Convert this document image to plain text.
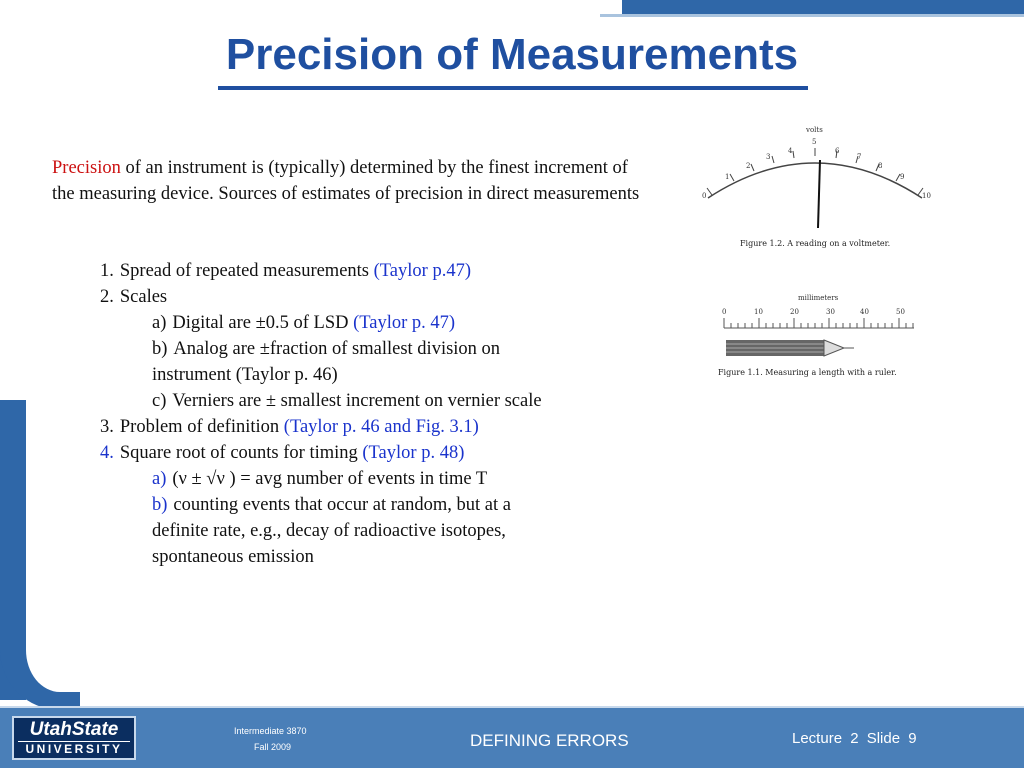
Precision of Measurements
Precision of an instrument is (typically) determined by the finest increment of the measuring device. Sources of estimates of precision in direct measurements
1. Spread of repeated measurements (Taylor p.47)
2. Scales
a) Digital are ±0.5 of LSD (Taylor p. 47)
b) Analog are ±fraction of smallest division on
instrument (Taylor p. 46)
c) Verniers are ± smallest increment on vernier scale
3. Problem of definition (Taylor p. 46 and Fig. 3.1)
4. Square root of counts for timing (Taylor p. 48)
a) (ν ± √ν ) = avg number of events in time T
b) counting events that occur at random, but at a
definite rate, e.g., decay of radioactive isotopes,
spontaneous emission
0
1
2
3
4
5
6
7
8
9
10
volts
Figure 1.2. A reading on a voltmeter.
millimeters
0	10	20	30	40	50
Figure 1.1. Measuring a length with a ruler.
UtahState
UNIVERSITY
Intermediate 3870
Fall 2009	DEFINING ERRORS	Lecture 2 Slide 9
